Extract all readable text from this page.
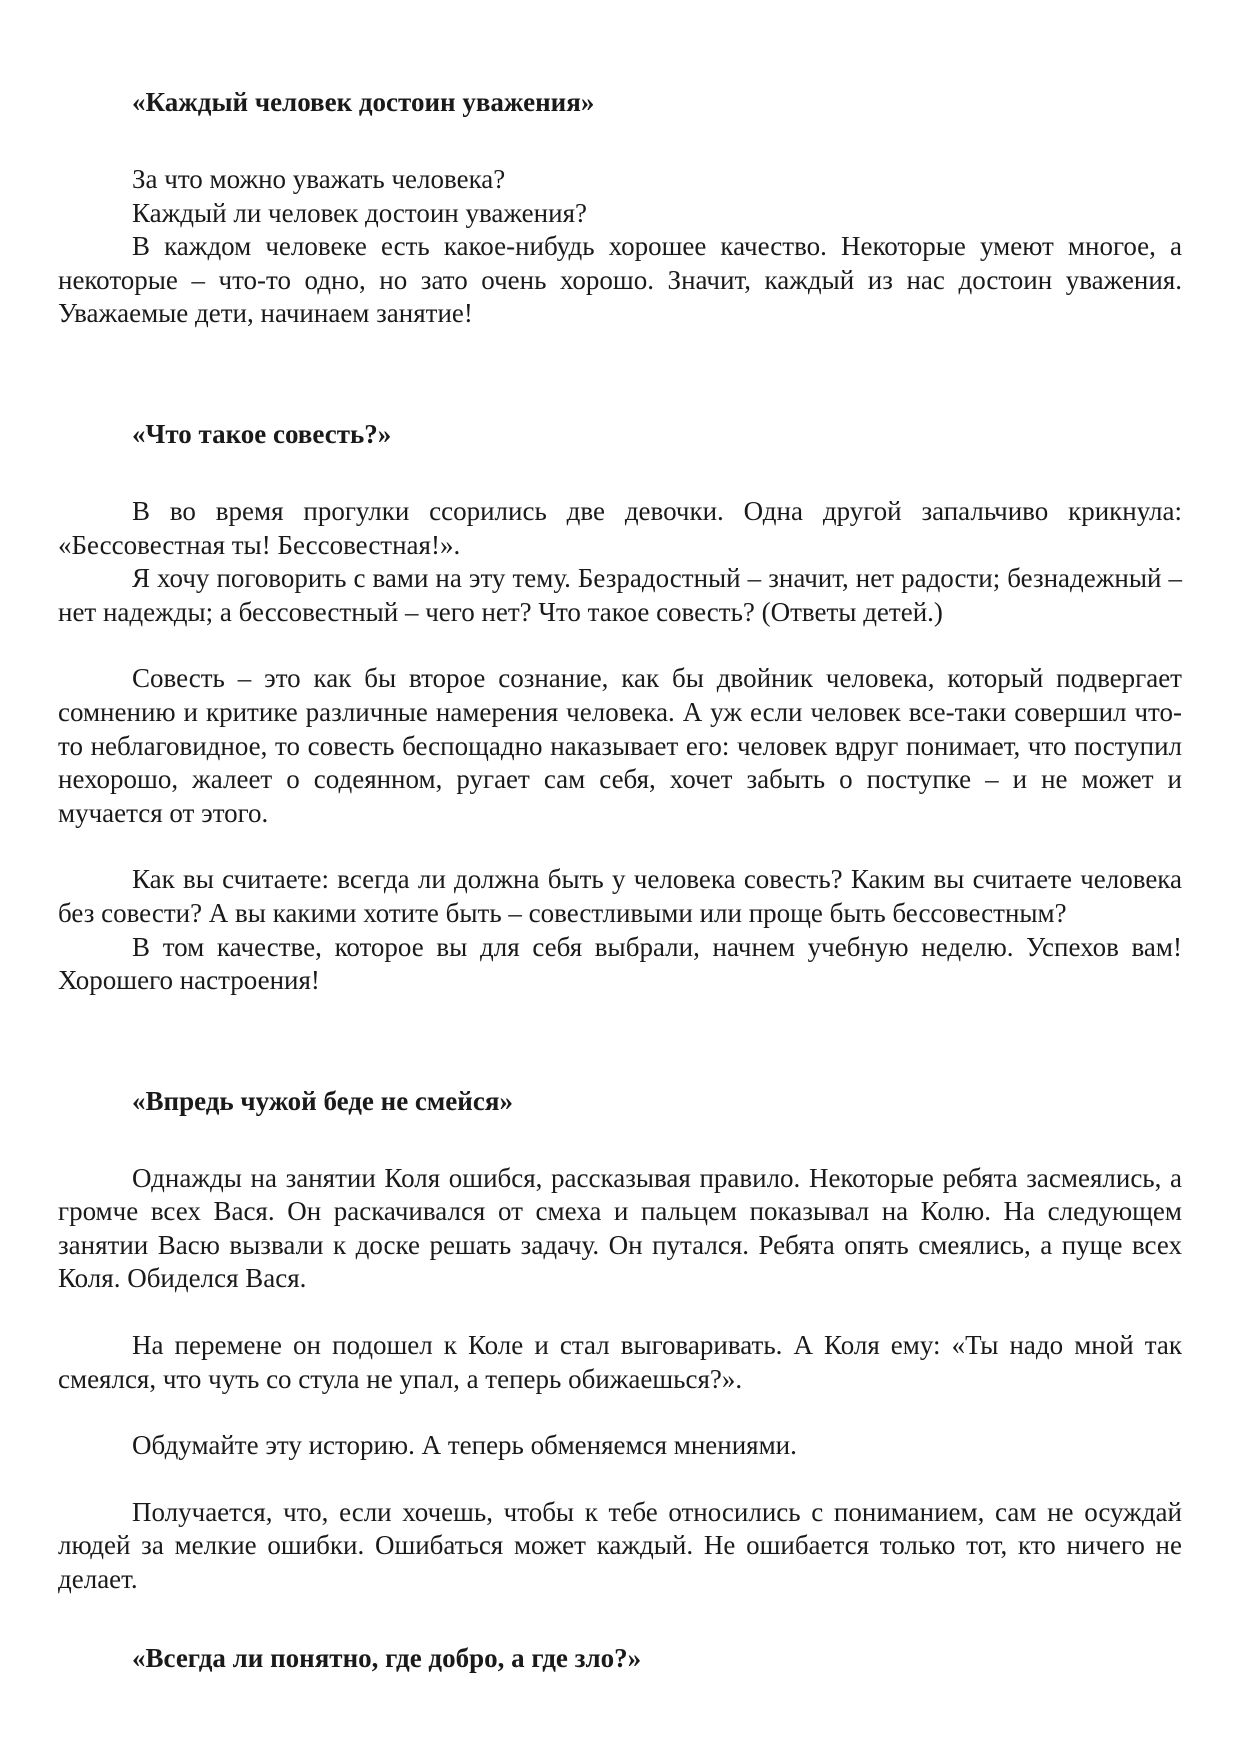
«Каждый человек достоин уважения»

За что можно уважать человека?

Каждый ли человек достоин уважения?

В каждом человеке есть какое-нибудь хорошее качество. Некоторые умеют многое, а некоторые – что-то одно, но зато очень хорошо. Значит, каждый из нас достоин уважения. Уважаемые дети, начинаем занятие!

«Что такое совесть?»

В во время прогулки ссорились две девочки. Одна другой запальчиво крикнула: «Бессовестная ты! Бессовестная!».

Я хочу поговорить с вами на эту тему. Безрадостный – значит, нет радости; безнадежный – нет надежды; а бессовестный – чего нет? Что такое совесть? (Ответы детей.)

Совесть – это как бы второе сознание, как бы двойник человека, который подвергает сомнению и критике различные намерения человека. А уж если человек все-таки совершил что-то неблаговидное, то совесть беспощадно наказывает его: человек вдруг понимает, что поступил нехорошо, жалеет о содеянном, ругает сам себя, хочет забыть о поступке – и не может и мучается от этого.

Как вы считаете: всегда ли должна быть у человека совесть? Каким вы считаете человека без совести? А вы какими хотите быть – совестливыми или проще быть бессовестным?

В том качестве, которое вы для себя выбрали, начнем учебную неделю. Успехов вам! Хорошего настроения!

«Впредь чужой беде не смейся»

Однажды на занятии Коля ошибся, рассказывая правило. Некоторые ребята засмеялись, а громче всех Вася. Он раскачивался от смеха и пальцем показывал на Колю. На следующем занятии Васю вызвали к доске решать задачу. Он путался. Ребята опять смеялись, а пуще всех Коля. Обиделся Вася.

На перемене он подошел к Коле и стал выговаривать. А Коля ему: «Ты надо мной так смеялся, что чуть со стула не упал, а теперь обижаешься?».

Обдумайте эту историю. А теперь обменяемся мнениями.

Получается, что, если хочешь, чтобы к тебе относились с пониманием, сам не осуждай людей за мелкие ошибки. Ошибаться может каждый. Не ошибается только тот, кто ничего не делает.

«Всегда ли понятно, где добро, а где зло?»
